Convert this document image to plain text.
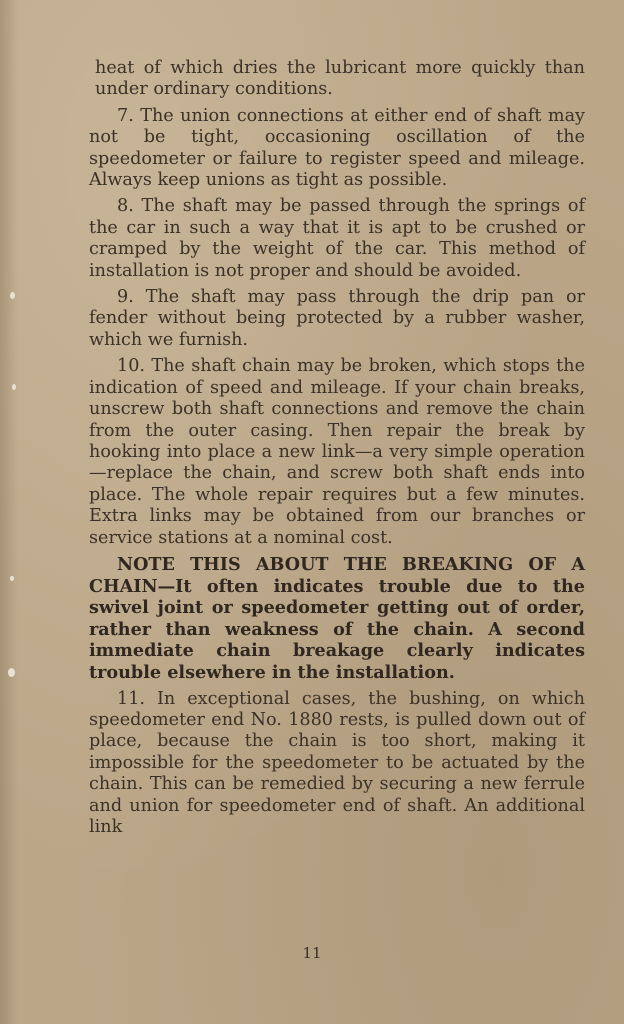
heat of which dries the lubricant more quickly than under ordinary conditions.

7. The union connections at either end of shaft may not be tight, occasioning oscillation of the speedometer or failure to register speed and mileage. Always keep unions as tight as possible.

8. The shaft may be passed through the springs of the car in such a way that it is apt to be crushed or cramped by the weight of the car. This method of installation is not proper and should be avoided.

9. The shaft may pass through the drip pan or fender without being protected by a rubber washer, which we furnish.

10. The shaft chain may be broken, which stops the indication of speed and mileage. If your chain breaks, unscrew both shaft connections and remove the chain from the outer casing. Then repair the break by hooking into place a new link—a very simple operation—replace the chain, and screw both shaft ends into place. The whole repair requires but a few minutes. Extra links may be obtained from our branches or service stations at a nominal cost.

NOTE THIS ABOUT THE BREAKING OF A CHAIN—It often indicates trouble due to the swivel joint or speedometer getting out of order, rather than weakness of the chain. A second immediate chain breakage clearly indicates trouble elsewhere in the installation.

11. In exceptional cases, the bushing, on which speedometer end No. 1880 rests, is pulled down out of place, because the chain is too short, making it impossible for the speedometer to be actuated by the chain. This can be remedied by securing a new ferrule and union for speedometer end of shaft. An additional link

11
